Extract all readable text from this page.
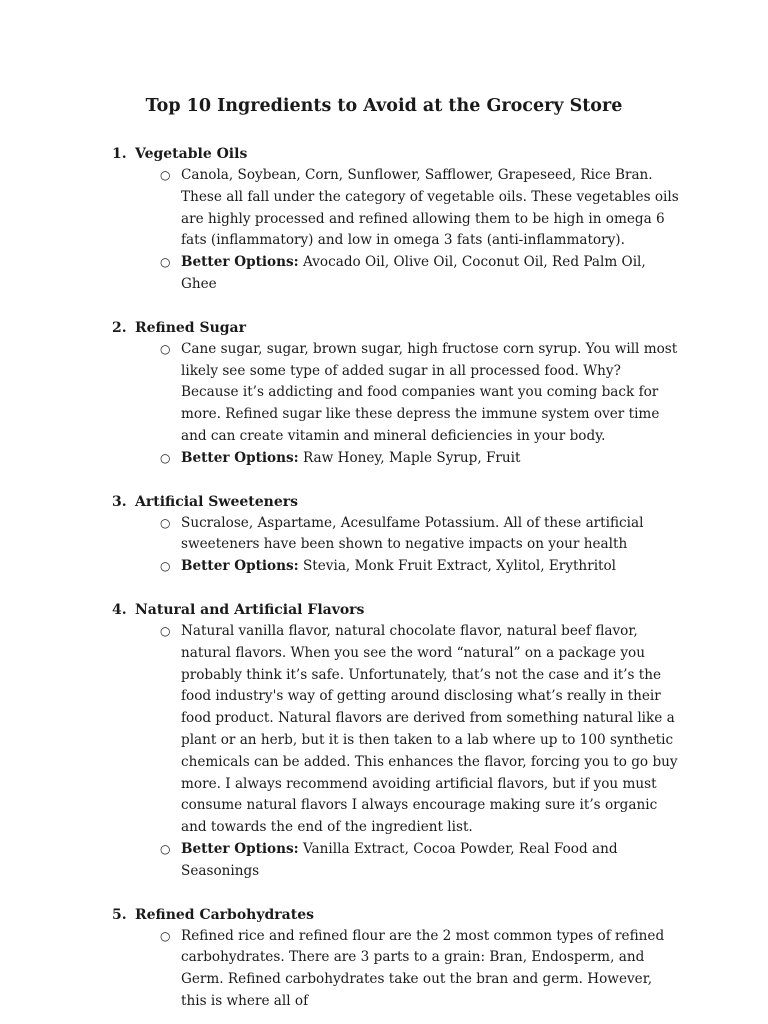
Top 10 Ingredients to Avoid at the Grocery Store
1. Vegetable Oils
○ Canola, Soybean, Corn, Sunflower, Safflower, Grapeseed, Rice Bran. These all fall under the category of vegetable oils. These vegetables oils are highly processed and refined allowing them to be high in omega 6 fats (inflammatory) and low in omega 3 fats (anti-inflammatory).
○ Better Options: Avocado Oil, Olive Oil, Coconut Oil, Red Palm Oil, Ghee
2. Refined Sugar
○ Cane sugar, sugar, brown sugar, high fructose corn syrup. You will most likely see some type of added sugar in all processed food. Why? Because it’s addicting and food companies want you coming back for more. Refined sugar like these depress the immune system over time and can create vitamin and mineral deficiencies in your body.
○ Better Options: Raw Honey, Maple Syrup, Fruit
3. Artificial Sweeteners
○ Sucralose, Aspartame, Acesulfame Potassium. All of these artificial sweeteners have been shown to negative impacts on your health
○ Better Options: Stevia, Monk Fruit Extract, Xylitol, Erythritol
4. Natural and Artificial Flavors
○ Natural vanilla flavor, natural chocolate flavor, natural beef flavor, natural flavors. When you see the word “natural” on a package you probably think it’s safe. Unfortunately, that’s not the case and it’s the food industry's way of getting around disclosing what’s really in their food product. Natural flavors are derived from something natural like a plant or an herb, but it is then taken to a lab where up to 100 synthetic chemicals can be added. This enhances the flavor, forcing you to go buy more. I always recommend avoiding artificial flavors, but if you must consume natural flavors I always encourage making sure it’s organic and towards the end of the ingredient list.
○ Better Options: Vanilla Extract, Cocoa Powder, Real Food and Seasonings
5. Refined Carbohydrates
○ Refined rice and refined flour are the 2 most common types of refined carbohydrates. There are 3 parts to a grain: Bran, Endosperm, and Germ. Refined carbohydrates take out the bran and germ. However, this is where all of
